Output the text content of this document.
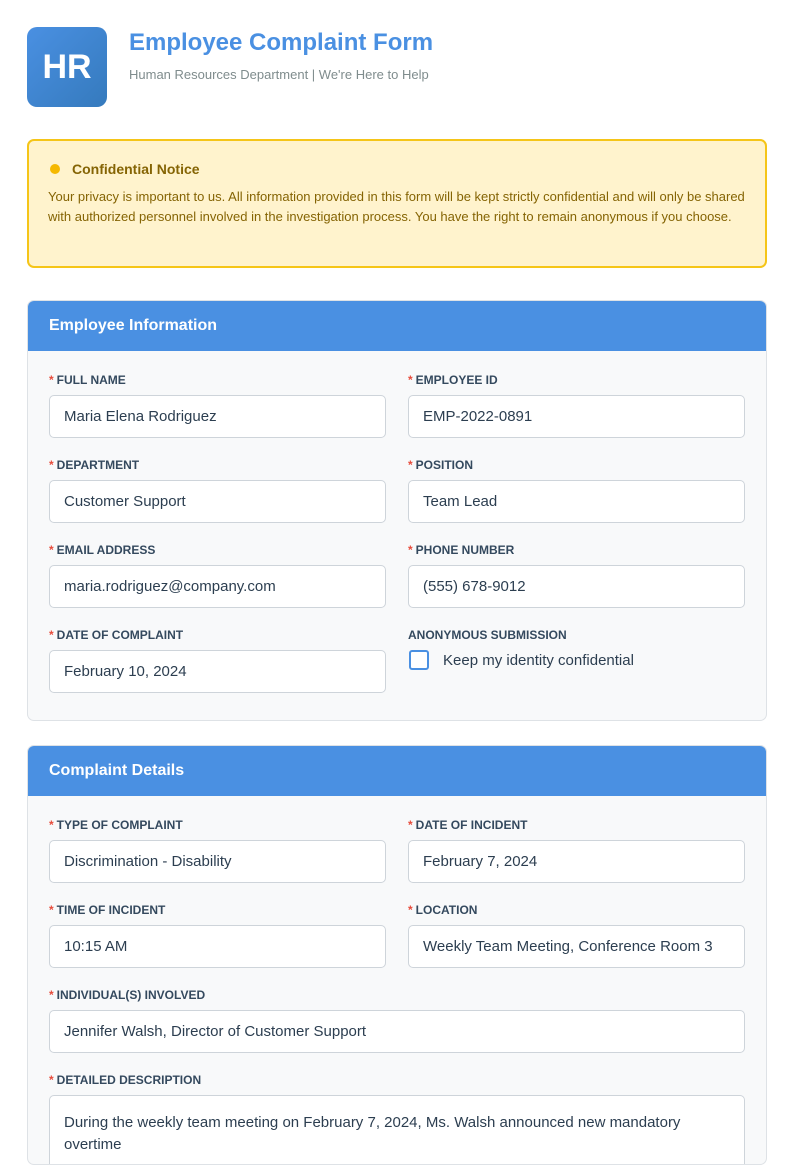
HR
Employee Complaint Form
Human Resources Department | We're Here to Help
Confidential Notice
Your privacy is important to us. All information provided in this form will be kept strictly confidential and will only be shared with authorized personnel involved in the investigation process. You have the right to remain anonymous if you choose.
Employee Information
* FULL NAME
Maria Elena Rodriguez
* EMPLOYEE ID
EMP-2022-0891
* DEPARTMENT
Customer Support
* POSITION
Team Lead
* EMAIL ADDRESS
maria.rodriguez@company.com
* PHONE NUMBER
(555) 678-9012
* DATE OF COMPLAINT
February 10, 2024
ANONYMOUS SUBMISSION
Keep my identity confidential
Complaint Details
* TYPE OF COMPLAINT
Discrimination - Disability
* DATE OF INCIDENT
February 7, 2024
* TIME OF INCIDENT
10:15 AM
* LOCATION
Weekly Team Meeting, Conference Room 3
* INDIVIDUAL(S) INVOLVED
Jennifer Walsh, Director of Customer Support
* DETAILED DESCRIPTION
During the weekly team meeting on February 7, 2024, Ms. Walsh announced new mandatory overtime
